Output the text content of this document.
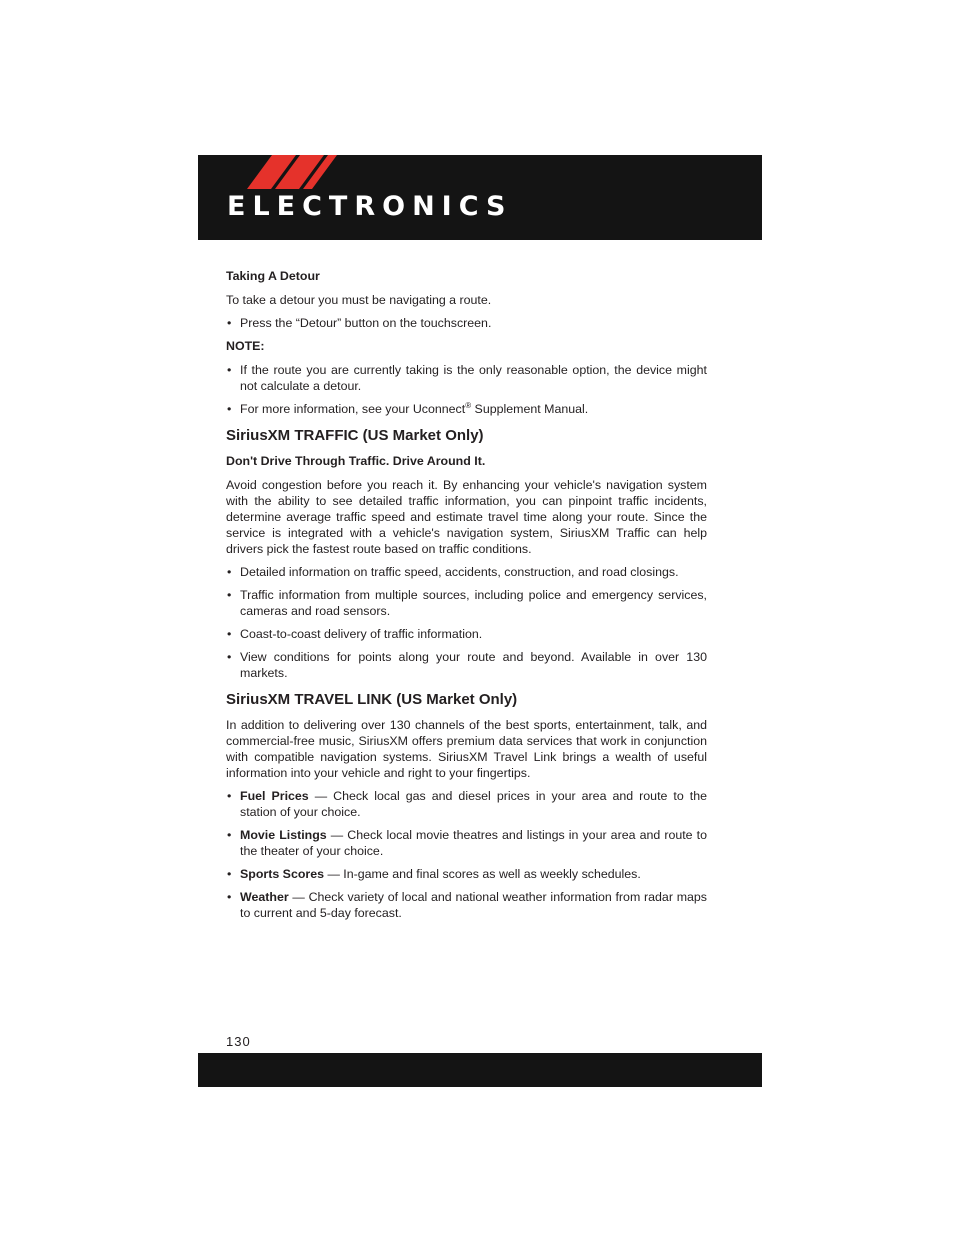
ELECTRONICS
Taking A Detour

To take a detour you must be navigating a route.

• Press the “Detour” button on the touchscreen.
NOTE:
• If the route you are currently taking is the only reasonable option, the device might not calculate a detour.
• For more information, see your Uconnect® Supplement Manual.
SiriusXM TRAFFIC (US Market Only)
Don't Drive Through Traffic. Drive Around It.

Avoid congestion before you reach it. By enhancing your vehicle's navigation system with the ability to see detailed traffic information, you can pinpoint traffic incidents, determine average traffic speed and estimate travel time along your route. Since the service is integrated with a vehicle's navigation system, SiriusXM Traffic can help drivers pick the fastest route based on traffic conditions.

• Detailed information on traffic speed, accidents, construction, and road closings.
• Traffic information from multiple sources, including police and emergency services, cameras and road sensors.
• Coast-to-coast delivery of traffic information.
• View conditions for points along your route and beyond. Available in over 130 markets.
SiriusXM TRAVEL LINK (US Market Only)

In addition to delivering over 130 channels of the best sports, entertainment, talk, and commercial-free music, SiriusXM offers premium data services that work in conjunction with compatible navigation systems. SiriusXM Travel Link brings a wealth of useful information into your vehicle and right to your fingertips.

• Fuel Prices — Check local gas and diesel prices in your area and route to the station of your choice.
• Movie Listings — Check local movie theatres and listings in your area and route to the theater of your choice.
• Sports Scores — In-game and final scores as well as weekly schedules.
• Weather — Check variety of local and national weather information from radar maps to current and 5-day forecast.
130
